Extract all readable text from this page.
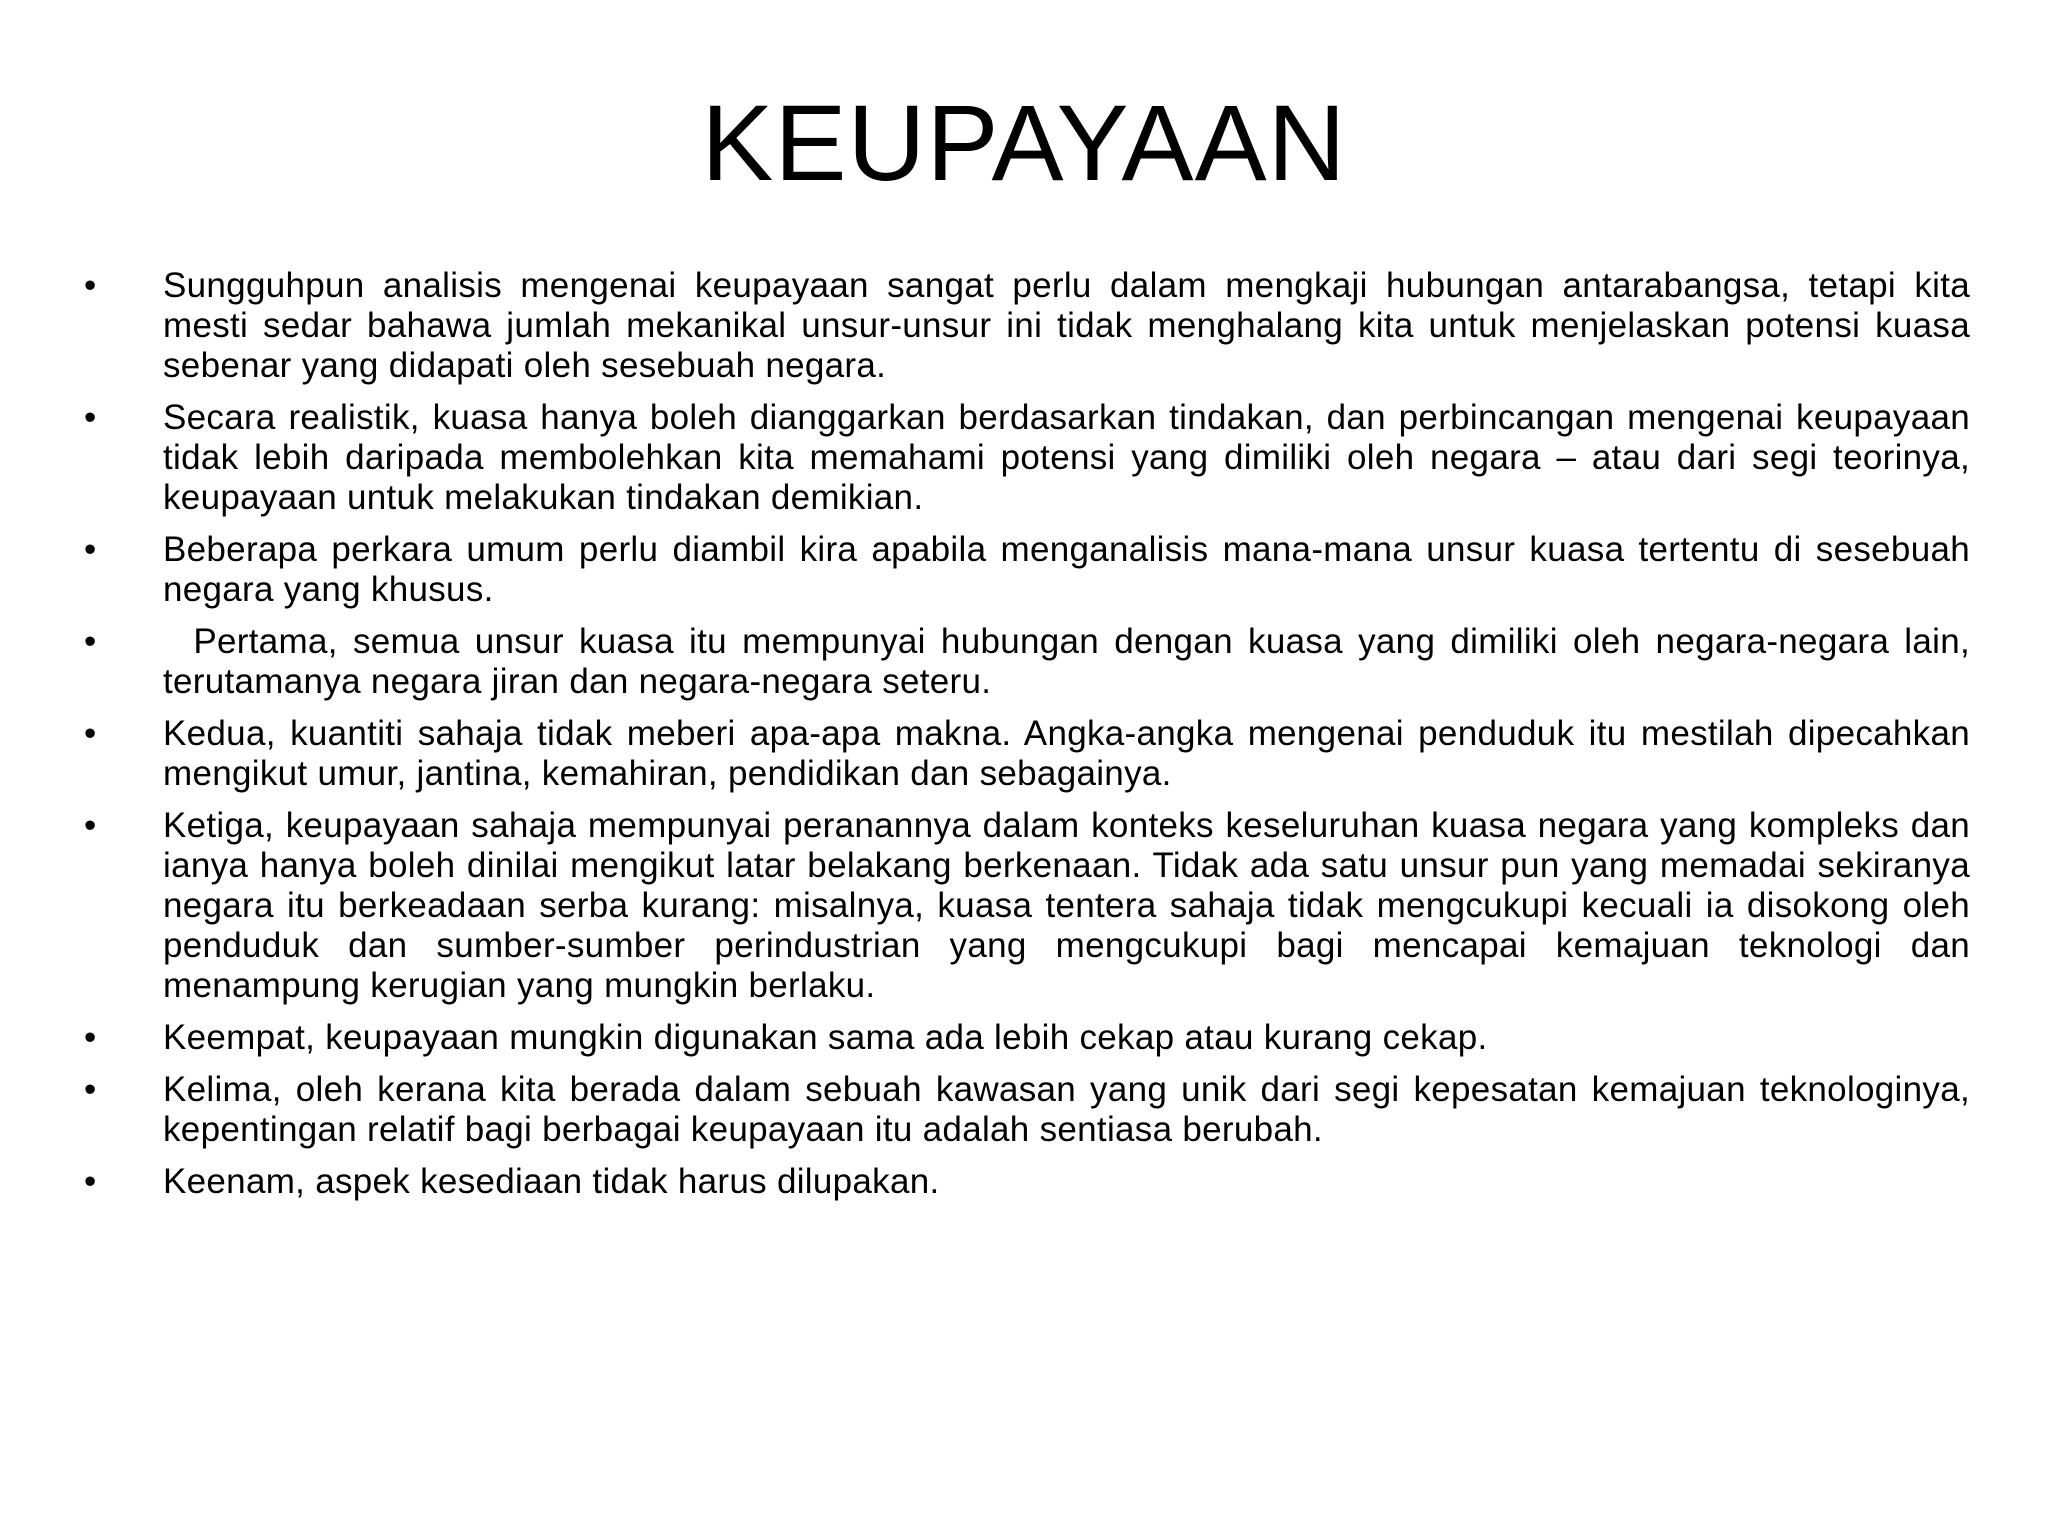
KEUPAYAAN
• Sungguhpun analisis mengenai keupayaan sangat perlu dalam mengkaji hubungan antarabangsa, tetapi kita mesti sedar bahawa jumlah mekanikal unsur-unsur ini tidak menghalang kita untuk menjelaskan potensi kuasa sebenar yang didapati oleh sesebuah negara.
• Secara realistik, kuasa hanya boleh dianggarkan berdasarkan tindakan, dan perbincangan mengenai keupayaan tidak lebih daripada membolehkan kita memahami potensi yang dimiliki oleh negara – atau dari segi teorinya, keupayaan untuk melakukan tindakan demikian.
• Beberapa perkara umum perlu diambil kira apabila menganalisis mana-mana unsur kuasa tertentu di sesebuah negara yang khusus.
• Pertama, semua unsur kuasa itu mempunyai hubungan dengan kuasa yang dimiliki oleh negara-negara lain, terutamanya negara jiran dan negara-negara seteru.
• Kedua, kuantiti sahaja tidak meberi apa-apa makna. Angka-angka mengenai penduduk itu mestilah dipecahkan mengikut umur, jantina, kemahiran, pendidikan dan sebagainya.
• Ketiga, keupayaan sahaja mempunyai peranannya dalam konteks keseluruhan kuasa negara yang kompleks dan ianya hanya boleh dinilai mengikut latar belakang berkenaan. Tidak ada satu unsur pun yang memadai sekiranya negara itu berkeadaan serba kurang: misalnya, kuasa tentera sahaja tidak mengcukupi kecuali ia disokong oleh penduduk dan sumber-sumber perindustrian yang mengcukupi bagi mencapai kemajuan teknologi dan menampung kerugian yang mungkin berlaku.
• Keempat, keupayaan mungkin digunakan sama ada lebih cekap atau kurang cekap.
• Kelima, oleh kerana kita berada dalam sebuah kawasan yang unik dari segi kepesatan kemajuan teknologinya, kepentingan relatif bagi berbagai keupayaan itu adalah sentiasa berubah.
• Keenam, aspek kesediaan tidak harus dilupakan.
